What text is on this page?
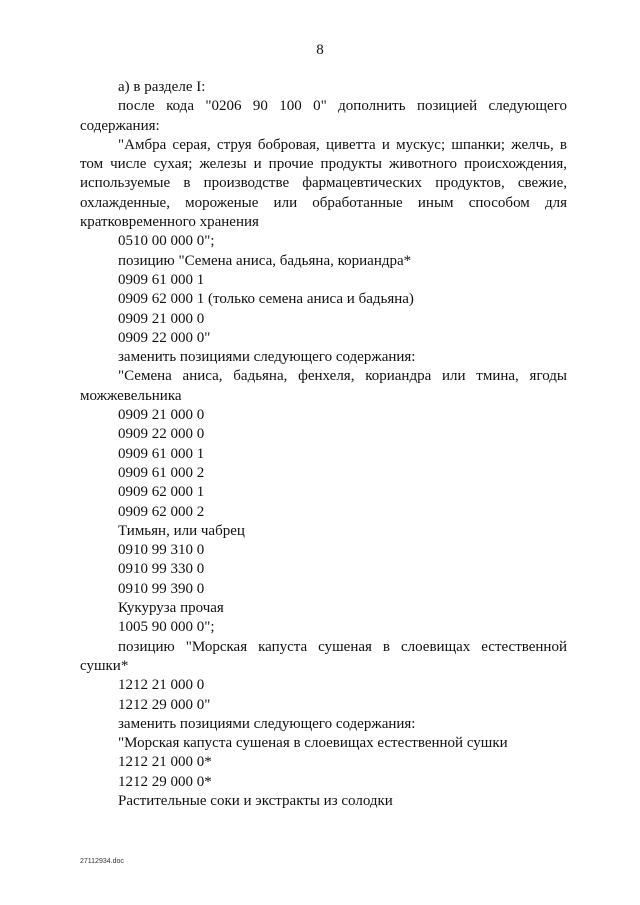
8

а) в разделе I:

после кода "0206 90 100 0" дополнить позицией следующего содержания:

"Амбра серая, струя бобровая, циветта и мускус; шпанки; желчь, в том числе сухая; железы и прочие продукты животного происхождения, используемые в производстве фармацевтических продуктов, свежие, охлажденные, мороженые или обработанные иным способом для кратковременного хранения

0510 00 000 0";

позицию "Семена аниса, бадьяна, кориандра*

0909 61 000 1

0909 62 000 1 (только семена аниса и бадьяна)

0909 21 000 0

0909 22 000 0"

заменить позициями следующего содержания:

"Семена аниса, бадьяна, фенхеля, кориандра или тмина, ягоды можжевельника

0909 21 000 0

0909 22 000 0

0909 61 000 1

0909 61 000 2

0909 62 000 1

0909 62 000 2

Тимьян, или чабрец

0910 99 310 0

0910 99 330 0

0910 99 390 0

Кукуруза прочая

1005 90 000 0";

позицию "Морская капуста сушеная в слоевищах естественной сушки*

1212 21 000 0

1212 29 000 0"

заменить позициями следующего содержания:

"Морская капуста сушеная в слоевищах естественной сушки

1212 21 000 0*

1212 29 000 0*

Растительные соки и экстракты из солодки

27112934.doc
